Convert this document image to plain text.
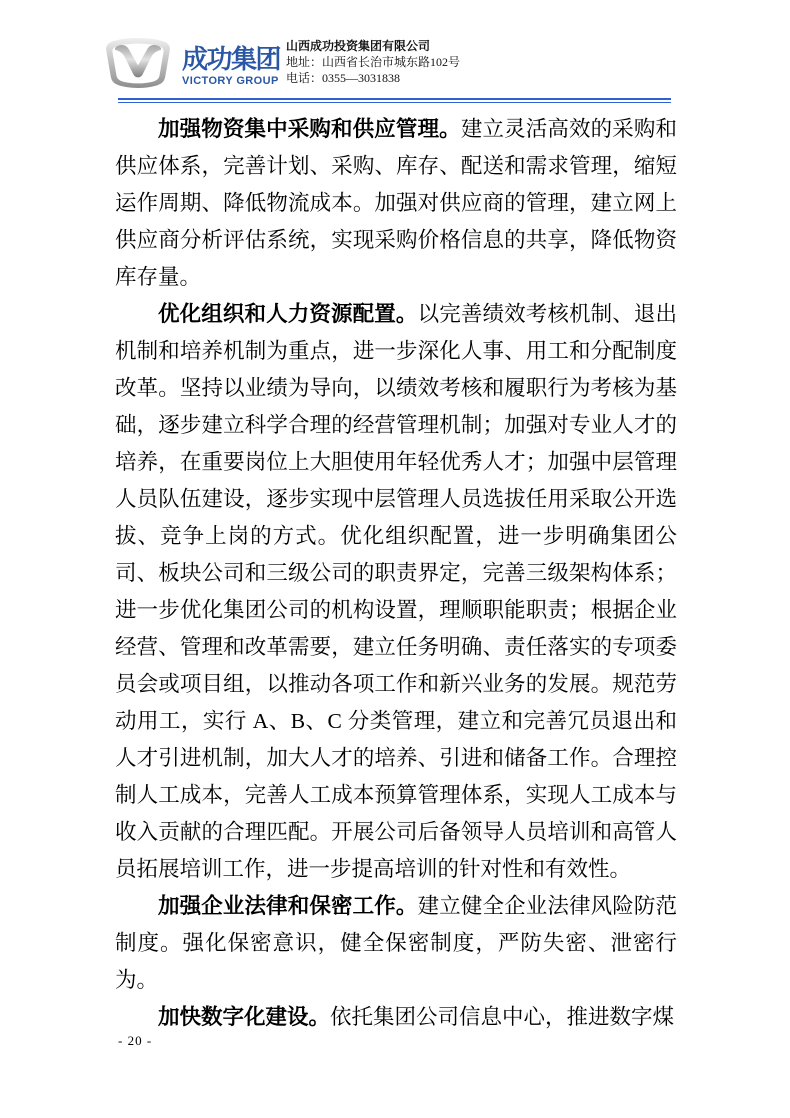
成功集团
VICTORY GROUP
山西成功投资集团有限公司
地址：山西省长治市城东路102号
电话：0355—3031838

加强物资集中采购和供应管理。建立灵活高效的采购和供应体系，完善计划、采购、库存、配送和需求管理，缩短运作周期、降低物流成本。加强对供应商的管理，建立网上供应商分析评估系统，实现采购价格信息的共享，降低物资库存量。

优化组织和人力资源配置。以完善绩效考核机制、退出机制和培养机制为重点，进一步深化人事、用工和分配制度改革。坚持以业绩为导向，以绩效考核和履职行为考核为基础，逐步建立科学合理的经营管理机制；加强对专业人才的培养，在重要岗位上大胆使用年轻优秀人才；加强中层管理人员队伍建设，逐步实现中层管理人员选拔任用采取公开选拔、竞争上岗的方式。优化组织配置，进一步明确集团公司、板块公司和三级公司的职责界定，完善三级架构体系；进一步优化集团公司的机构设置，理顺职能职责；根据企业经营、管理和改革需要，建立任务明确、责任落实的专项委员会或项目组，以推动各项工作和新兴业务的发展。规范劳动用工，实行 A、B、C 分类管理，建立和完善冗员退出和人才引进机制，加大人才的培养、引进和储备工作。合理控制人工成本，完善人工成本预算管理体系，实现人工成本与收入贡献的合理匹配。开展公司后备领导人员培训和高管人员拓展培训工作，进一步提高培训的针对性和有效性。

加强企业法律和保密工作。建立健全企业法律风险防范制度。强化保密意识，健全保密制度，严防失密、泄密行为。

加快数字化建设。依托集团公司信息中心，推进数字煤

- 20 -
